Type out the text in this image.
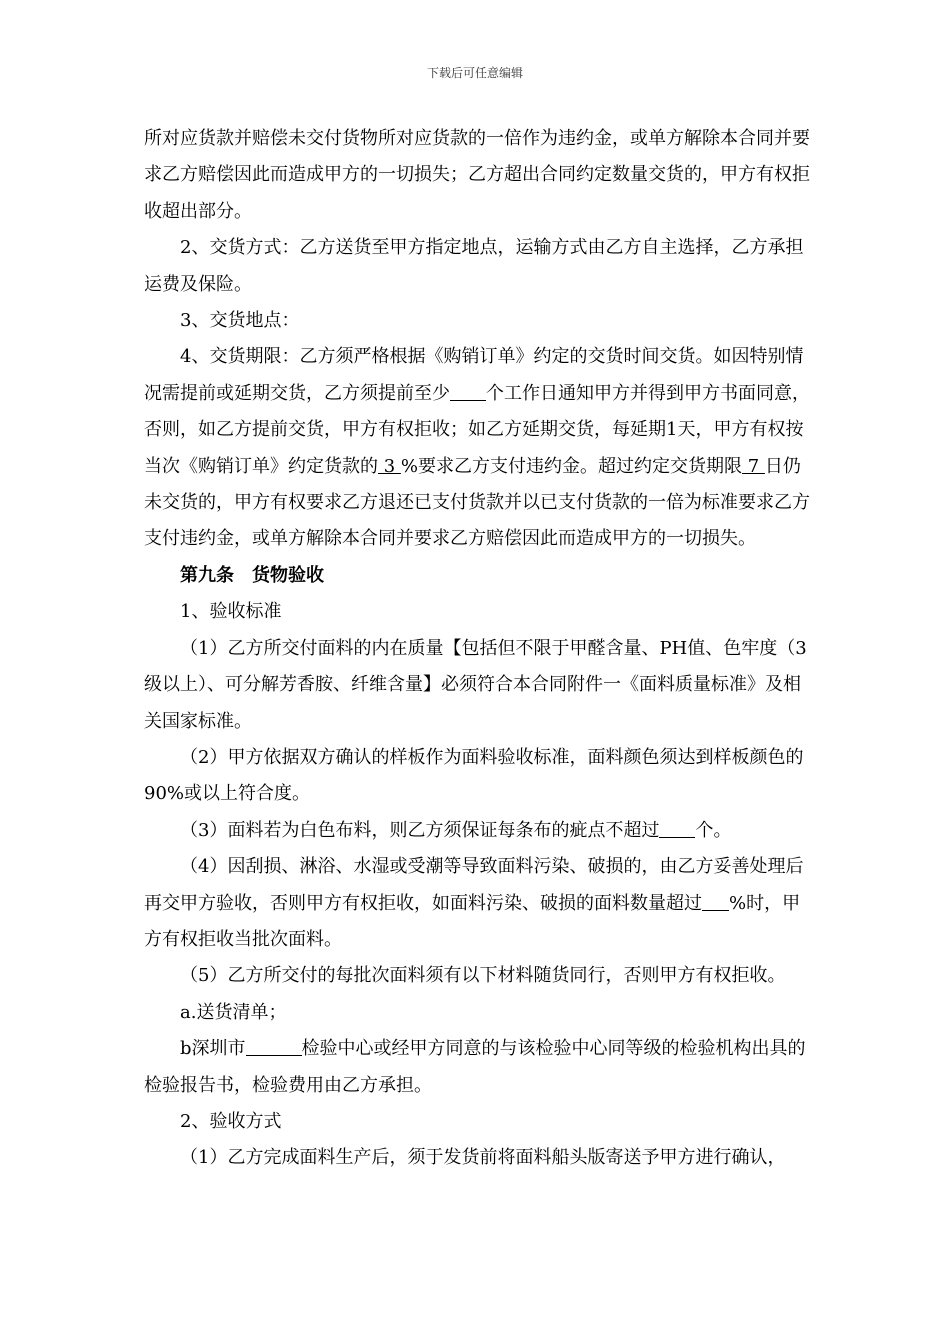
下载后可任意编辑

所对应货款并赔偿未交付货物所对应货款的一倍作为违约金，或单方解除本合同并要求乙方赔偿因此而造成甲方的一切损失；乙方超出合同约定数量交货的，甲方有权拒收超出部分。

2、交货方式：乙方送货至甲方指定地点，运输方式由乙方自主选择，乙方承担运费及保险。

3、交货地点：

4、交货期限：乙方须严格根据《购销订单》约定的交货时间交货。如因特别情况需提前或延期交货，乙方须提前至少 个工作日通知甲方并得到甲方书面同意，否则，如乙方提前交货，甲方有权拒收；如乙方延期交货，每延期1天，甲方有权按当次《购销订单》约定货款的 3 %要求乙方支付违约金。超过约定交货期限 7 日仍未交货的，甲方有权要求乙方退还已支付货款并以已支付货款的一倍为标准要求乙方支付违约金，或单方解除本合同并要求乙方赔偿因此而造成甲方的一切损失。

第九条　货物验收

1、验收标准

（1）乙方所交付面料的内在质量【包括但不限于甲醛含量、PH值、色牢度（3级以上）、可分解芳香胺、纤维含量】必须符合本合同附件一《面料质量标准》及相关国家标准。

（2）甲方依据双方确认的样板作为面料验收标准，面料颜色须达到样板颜色的90%或以上符合度。

（3）面料若为白色布料，则乙方须保证每条布的疵点不超过 个。

（4）因刮损、淋浴、水湿或受潮等导致面料污染、破损的，由乙方妥善处理后再交甲方验收，否则甲方有权拒收，如面料污染、破损的面料数量超过 %时，甲方有权拒收当批次面料。

（5）乙方所交付的每批次面料须有以下材料随货同行，否则甲方有权拒收。

a.送货清单；

b深圳市	检验中心或经甲方同意的与该检验中心同等级的检验机构出具的检验报告书，检验费用由乙方承担。

2、验收方式

（1）乙方完成面料生产后，须于发货前将面料船头版寄送予甲方进行确认，
